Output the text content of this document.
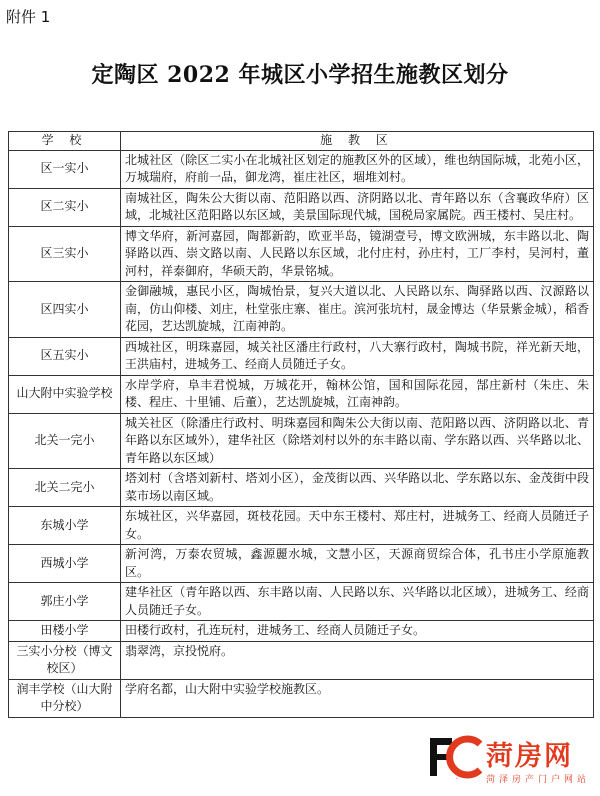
附件 1
定陶区 2022 年城区小学招生施教区划分
学 校	施 教 区
区一实小	北城社区（除区二实小在北城社区划定的施教区外的区域），维也纳国际城，北苑小区，万城瑞府，府前一品，御龙湾，崔庄社区，堌堆刘村。
区二实小	南城社区，陶朱公大街以南、范阳路以西、济阴路以北、青年路以东（含襄政华府）区域，北城社区范阳路以东区域，美景国际现代城，国税局家属院。西王楼村、吴庄村。
区三实小	博文华府，新河嘉园，陶都新韵，欧亚半岛，镜湖壹号，博文欧洲城，东丰路以北、陶驿路以西、崇文路以南、人民路以东区域，北付庄村，孙庄村，工厂李村，吴河村，董河村，祥泰御府，华硕天韵，华景铭城。
区四实小	金御融城，惠民小区，陶城怡景，复兴大道以北、人民路以东、陶驿路以西、汉源路以南，仿山仰楼、刘庄，杜堂张庄寨、崔庄。滨河张坑村，晟金博达（华景紫金城），稻香花园，艺达凯旋城，江南神韵。
区五实小	西城社区，明珠嘉园，城关社区潘庄行政村，八大寨行政村，陶城书院，祥光新天地，王洪庙村，进城务工、经商人员随迁子女。
山大附中实验学校	水岸学府，阜丰君悦城，万城花开，翰林公馆，国和国际花园，郜庄新村（朱庄、朱楼、程庄、十里铺、后董），艺达凯旋城，江南神韵。
北关一完小	城关社区（除潘庄行政村、明珠嘉园和陶朱公大街以南、范阳路以西、济阴路以北、青年路以东区域外），建华社区（除塔刘村以外的东丰路以南、学东路以西、兴华路以北、青年路以东区域）
北关二完小	塔刘村（含塔刘新村、塔刘小区），金茂街以西、兴华路以北、学东路以东、金茂街中段菜市场以南区域。
东城小学	东城社区，兴华嘉园，斑枝花园。天中东王楼村、郑庄村，进城务工、经商人员随迁子女。
西城小学	新河湾，万泰农贸城，鑫源麗水城，文慧小区，天源商贸综合体，孔书庄小学原施教区。
郭庄小学	建华社区（青年路以西、东丰路以南、人民路以东、兴华路以北区域），进城务工、经商人员随迁子女。
田楼小学	田楼行政村，孔连玩村，进城务工、经商人员随迁子女。
三实小分校（博文校区）	翡翠湾，京投悦府。
润丰学校（山大附中分校）	学府名都，山大附中实验学校施教区。
FC
菏房网
菏泽房产门户网站
